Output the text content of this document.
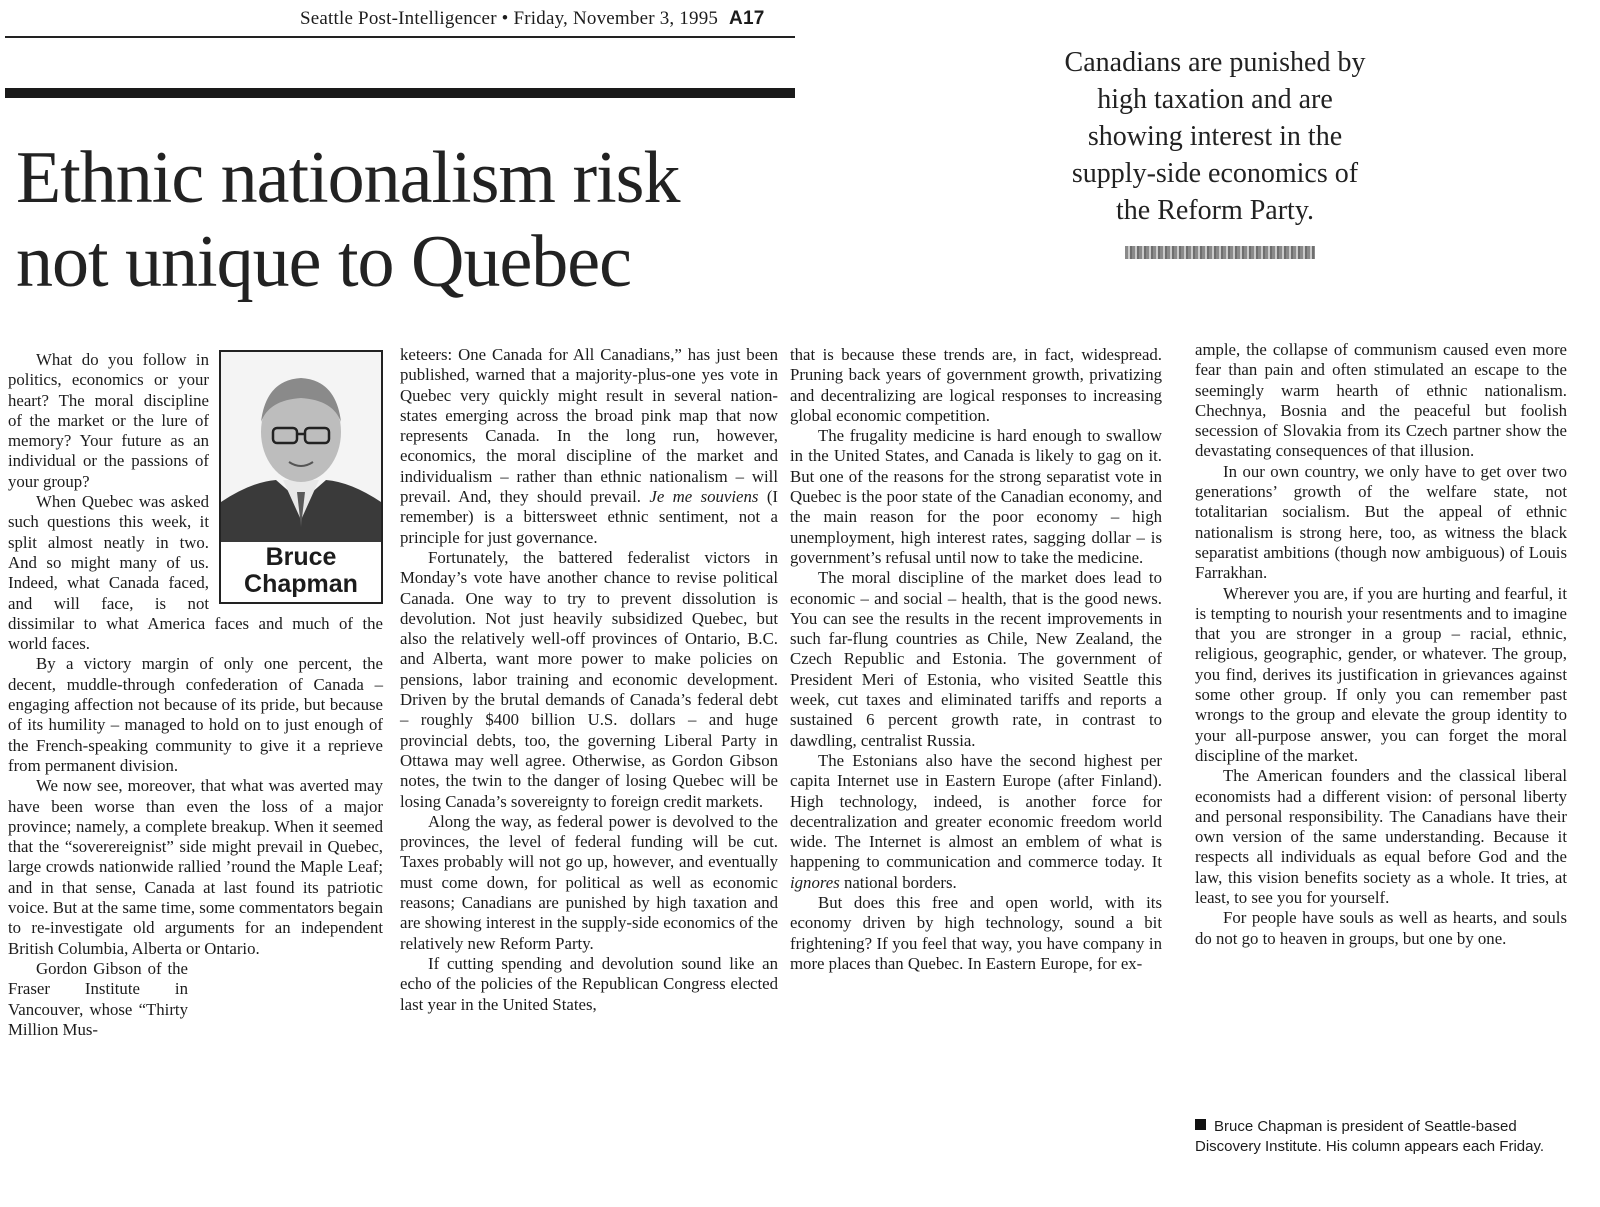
Seattle Post-Intelligencer • Friday, November 3, 1995 A17
Ethnic nationalism risk
not unique to Quebec
Canadians are punished by
high taxation and are
showing interest in the
supply-side economics of
the Reform Party.
Bruce
Chapman

What do you follow in politics, economics or your heart? The moral discipline of the market or the lure of memory? Your future as an individual or the passions of your group?

When Quebec was asked such questions this week, it split almost neatly in two. And so might many of us. Indeed, what Canada faced, and will face, is not dissimilar to what America faces and much of the world faces.

By a victory margin of only one percent, the decent, muddle-through confederation of Canada – engaging affection not because of its pride, but because of its humility – managed to hold on to just enough of the French-speaking community to give it a reprieve from permanent division.

We now see, moreover, that what was averted may have been worse than even the loss of a major province; namely, a complete breakup. When it seemed that the “soverereignist” side might prevail in Quebec, large crowds nationwide rallied ’round the Maple Leaf; and in that sense, Canada at last found its patriotic voice. But at the same time, some commentators begain to re-investigate old arguments for an independent British Columbia, Alberta or Ontario.

Gordon Gibson of the Fraser Institute in Vancouver, whose “Thirty Million Mus-

keteers: One Canada for All Canadians,” has just been published, warned that a majority-plus-one yes vote in Quebec very quickly might result in several nation-states emerging across the broad pink map that now represents Canada. In the long run, however, economics, the moral discipline of the market and individualism – rather than ethnic nationalism – will prevail. And, they should prevail. Je me souviens (I remember) is a bittersweet ethnic sentiment, not a principle for just governance.

Fortunately, the battered federalist victors in Monday’s vote have another chance to revise political Canada. One way to try to prevent dissolution is devolution. Not just heavily subsidized Quebec, but also the relatively well-off provinces of Ontario, B.C. and Alberta, want more power to make policies on pensions, labor training and economic development. Driven by the brutal demands of Canada’s federal debt – roughly $400 billion U.S. dollars – and huge provincial debts, too, the governing Liberal Party in Ottawa may well agree. Otherwise, as Gordon Gibson notes, the twin to the danger of losing Quebec will be losing Canada’s sovereignty to foreign credit markets.

Along the way, as federal power is devolved to the provinces, the level of federal funding will be cut. Taxes probably will not go up, however, and eventually must come down, for political as well as economic reasons; Canadians are punished by high taxation and are showing interest in the supply-side economics of the relatively new Reform Party.

If cutting spending and devolution sound like an echo of the policies of the Republican Congress elected last year in the United States,

that is because these trends are, in fact, widespread. Pruning back years of government growth, privatizing and decentralizing are logical responses to increasing global economic competition.

The frugality medicine is hard enough to swallow in the United States, and Canada is likely to gag on it. But one of the reasons for the strong separatist vote in Quebec is the poor state of the Canadian economy, and the main reason for the poor economy – high unemployment, high interest rates, sagging dollar – is government’s refusal until now to take the medicine.

The moral discipline of the market does lead to economic – and social – health, that is the good news. You can see the results in the recent improvements in such far-flung countries as Chile, New Zealand, the Czech Republic and Estonia. The government of President Meri of Estonia, who visited Seattle this week, cut taxes and eliminated tariffs and reports a sustained 6 percent growth rate, in contrast to dawdling, centralist Russia.

The Estonians also have the second highest per capita Internet use in Eastern Europe (after Finland). High technology, indeed, is another force for decentralization and greater economic freedom world wide. The Internet is almost an emblem of what is happening to communication and commerce today. It ignores national borders.

But does this free and open world, with its economy driven by high technology, sound a bit frightening? If you feel that way, you have company in more places than Quebec. In Eastern Europe, for ex-

ample, the collapse of communism caused even more fear than pain and often stimulated an escape to the seemingly warm hearth of ethnic nationalism. Chechnya, Bosnia and the peaceful but foolish secession of Slovakia from its Czech partner show the devastating consequences of that illusion.

In our own country, we only have to get over two generations’ growth of the welfare state, not totalitarian socialism. But the appeal of ethnic nationalism is strong here, too, as witness the black separatist ambitions (though now ambiguous) of Louis Farrakhan.

Wherever you are, if you are hurting and fearful, it is tempting to nourish your resentments and to imagine that you are stronger in a group – racial, ethnic, religious, geographic, gender, or whatever. The group, you find, derives its justification in grievances against some other group. If only you can remember past wrongs to the group and elevate the group identity to your all-purpose answer, you can forget the moral discipline of the market.

The American founders and the classical liberal economists had a different vision: of personal liberty and personal responsibility. The Canadians have their own version of the same understanding. Because it respects all individuals as equal before God and the law, this vision benefits society as a whole. It tries, at least, to see you for yourself.

For people have souls as well as hearts, and souls do not go to heaven in groups, but one by one.

Bruce Chapman is president of Seattle-based Discovery Institute. His column appears each Friday.
